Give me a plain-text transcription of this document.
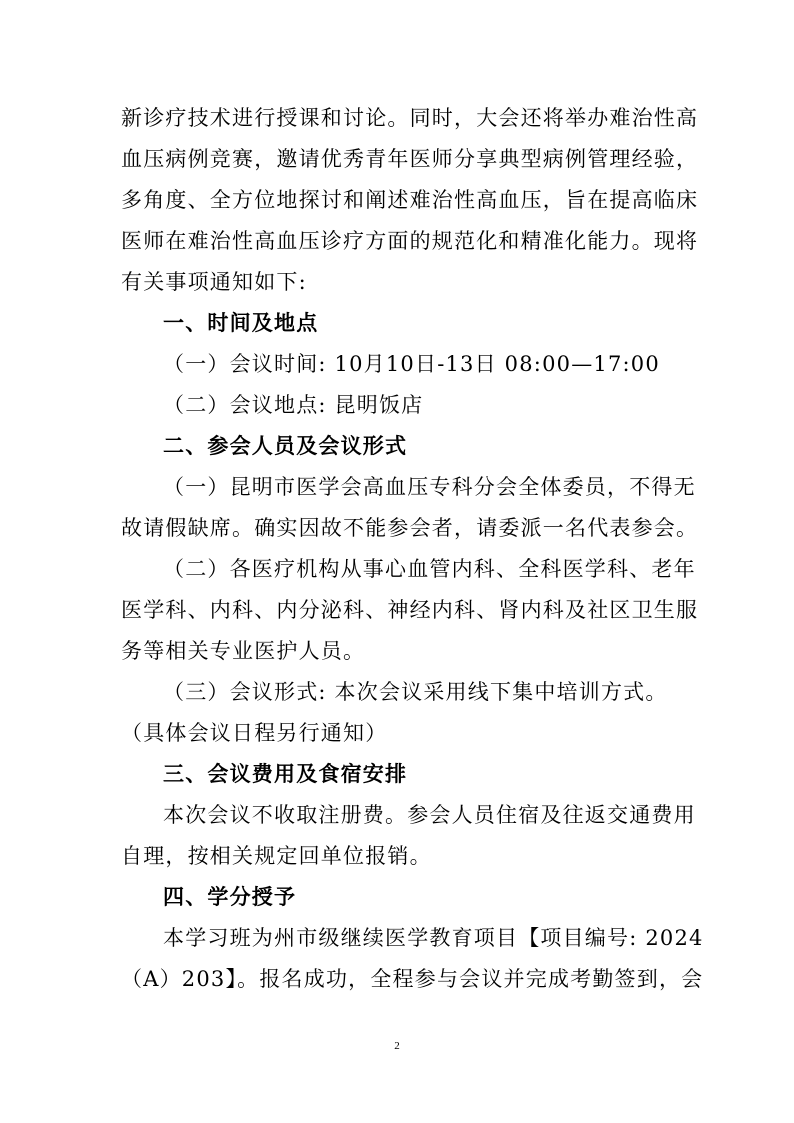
新诊疗技术进行授课和讨论。同时，大会还将举办难治性高
血压病例竞赛，邀请优秀青年医师分享典型病例管理经验，
多角度、全方位地探讨和阐述难治性高血压，旨在提高临床
医师在难治性高血压诊疗方面的规范化和精准化能力。现将
有关事项通知如下:
一、时间及地点
（一）会议时间: 10月10日-13日 08:00—17:00
（二）会议地点: 昆明饭店
二、参会人员及会议形式
（一）昆明市医学会高血压专科分会全体委员，不得无
故请假缺席。确实因故不能参会者，请委派一名代表参会。
（二）各医疗机构从事心血管内科、全科医学科、老年
医学科、内科、内分泌科、神经内科、肾内科及社区卫生服
务等相关专业医护人员。
（三）会议形式: 本次会议采用线下集中培训方式。
（具体会议日程另行通知）
三、会议费用及食宿安排
本次会议不收取注册费。参会人员住宿及往返交通费用
自理，按相关规定回单位报销。
四、学分授予
本学习班为州市级继续医学教育项目【项目编号: 2024
（A）203】。报名成功，全程参与会议并完成考勤签到，会
2
